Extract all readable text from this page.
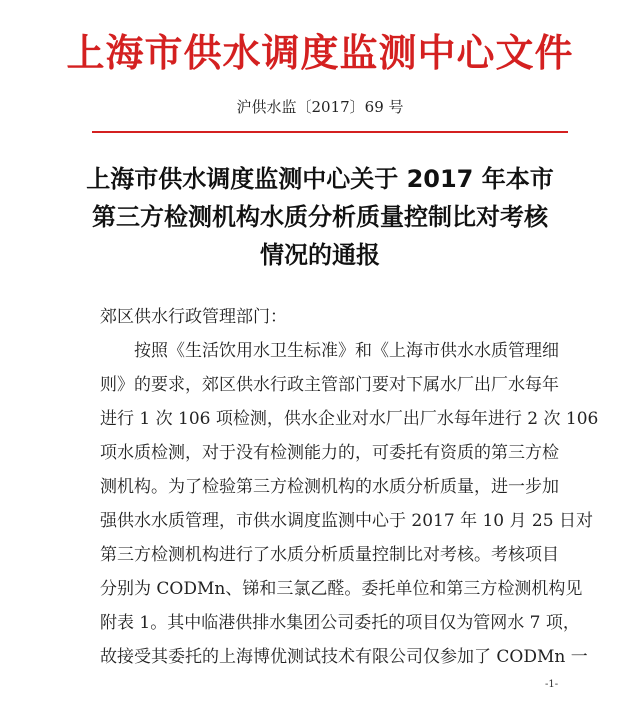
上海市供水调度监测中心文件
沪供水监〔2017〕69 号
上海市供水调度监测中心关于 2017 年本市
第三方检测机构水质分析质量控制比对考核
情况的通报
郊区供水行政管理部门：
　　按照《生活饮用水卫生标准》和《上海市供水水质管理细
则》的要求，郊区供水行政主管部门要对下属水厂出厂水每年
进行 1 次 106 项检测，供水企业对水厂出厂水每年进行 2 次 106
项水质检测，对于没有检测能力的，可委托有资质的第三方检
测机构。为了检验第三方检测机构的水质分析质量，进一步加
强供水水质管理，市供水调度监测中心于 2017 年 10 月 25 日对
第三方检测机构进行了水质分析质量控制比对考核。考核项目
分别为 CODMn、锑和三氯乙醛。委托单位和第三方检测机构见
附表 1。其中临港供排水集团公司委托的项目仅为管网水 7 项，
故接受其委托的上海博优测试技术有限公司仅参加了 CODMn 一
-1-
